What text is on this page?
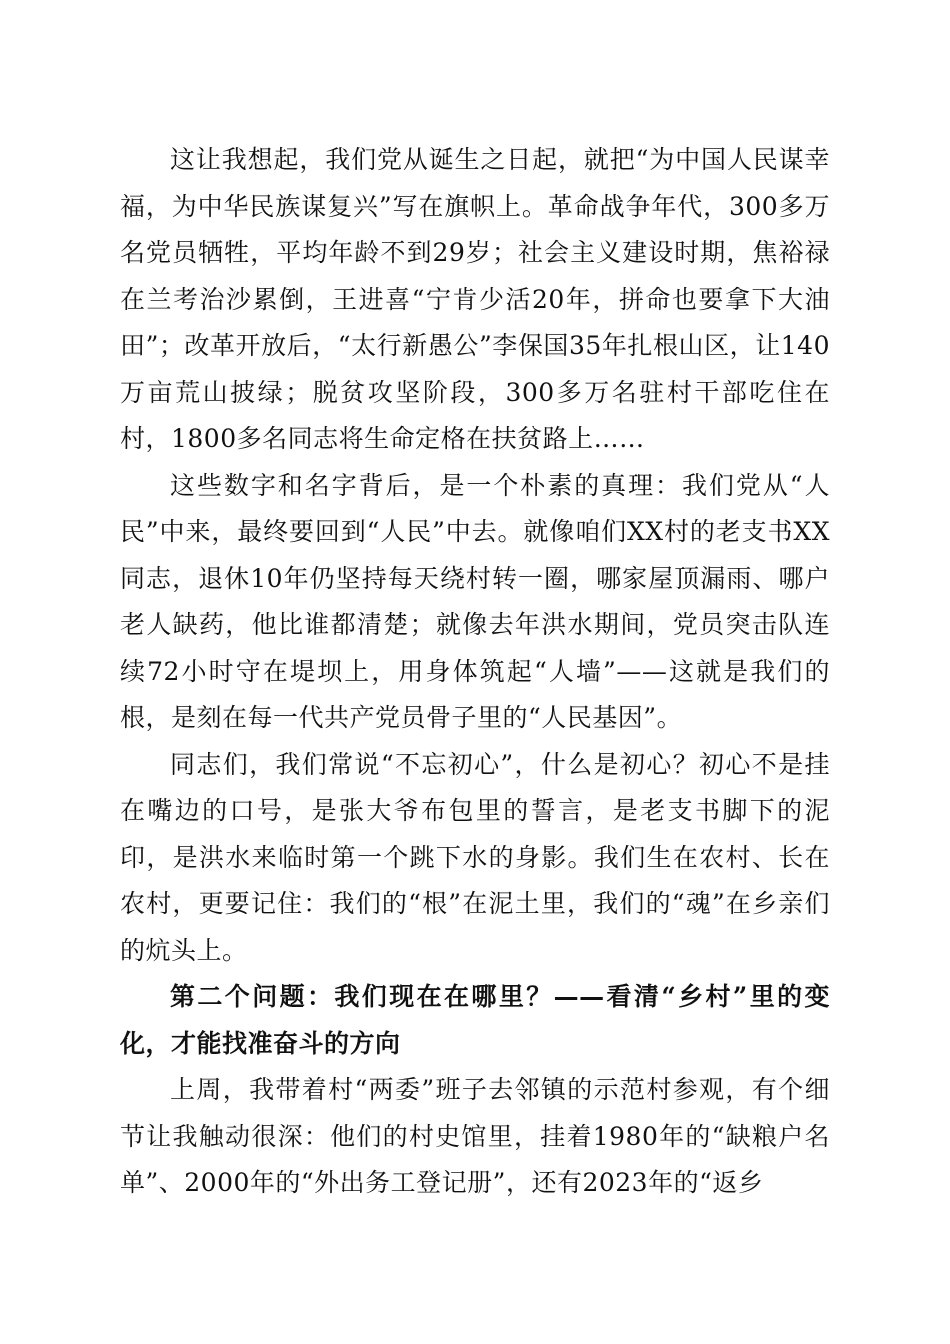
这让我想起，我们党从诞生之日起，就把“为中国人民谋幸福，为中华民族谋复兴”写在旗帜上。革命战争年代，300多万名党员牺牲，平均年龄不到29岁；社会主义建设时期，焦裕禄在兰考治沙累倒，王进喜“宁肯少活20年，拼命也要拿下大油田”；改革开放后，“太行新愚公”李保国35年扎根山区，让140万亩荒山披绿；脱贫攻坚阶段，300多万名驻村干部吃住在村，1800多名同志将生命定格在扶贫路上……

这些数字和名字背后，是一个朴素的真理：我们党从“人民”中来，最终要回到“人民”中去。就像咱们XX村的老支书XX同志，退休10年仍坚持每天绕村转一圈，哪家屋顶漏雨、哪户老人缺药，他比谁都清楚；就像去年洪水期间，党员突击队连续72小时守在堤坝上，用身体筑起“人墙”——这就是我们的根，是刻在每一代共产党员骨子里的“人民基因”。

同志们，我们常说“不忘初心”，什么是初心？初心不是挂在嘴边的口号，是张大爷布包里的誓言，是老支书脚下的泥印，是洪水来临时第一个跳下水的身影。我们生在农村、长在农村，更要记住：我们的“根”在泥土里，我们的“魂”在乡亲们的炕头上。

第二个问题：我们现在在哪里？——看清“乡村”里的变化，才能找准奋斗的方向

上周，我带着村“两委”班子去邻镇的示范村参观，有个细节让我触动很深：他们的村史馆里，挂着1980年的“缺粮户名单”、2000年的“外出务工登记册”，还有2023年的“返乡
